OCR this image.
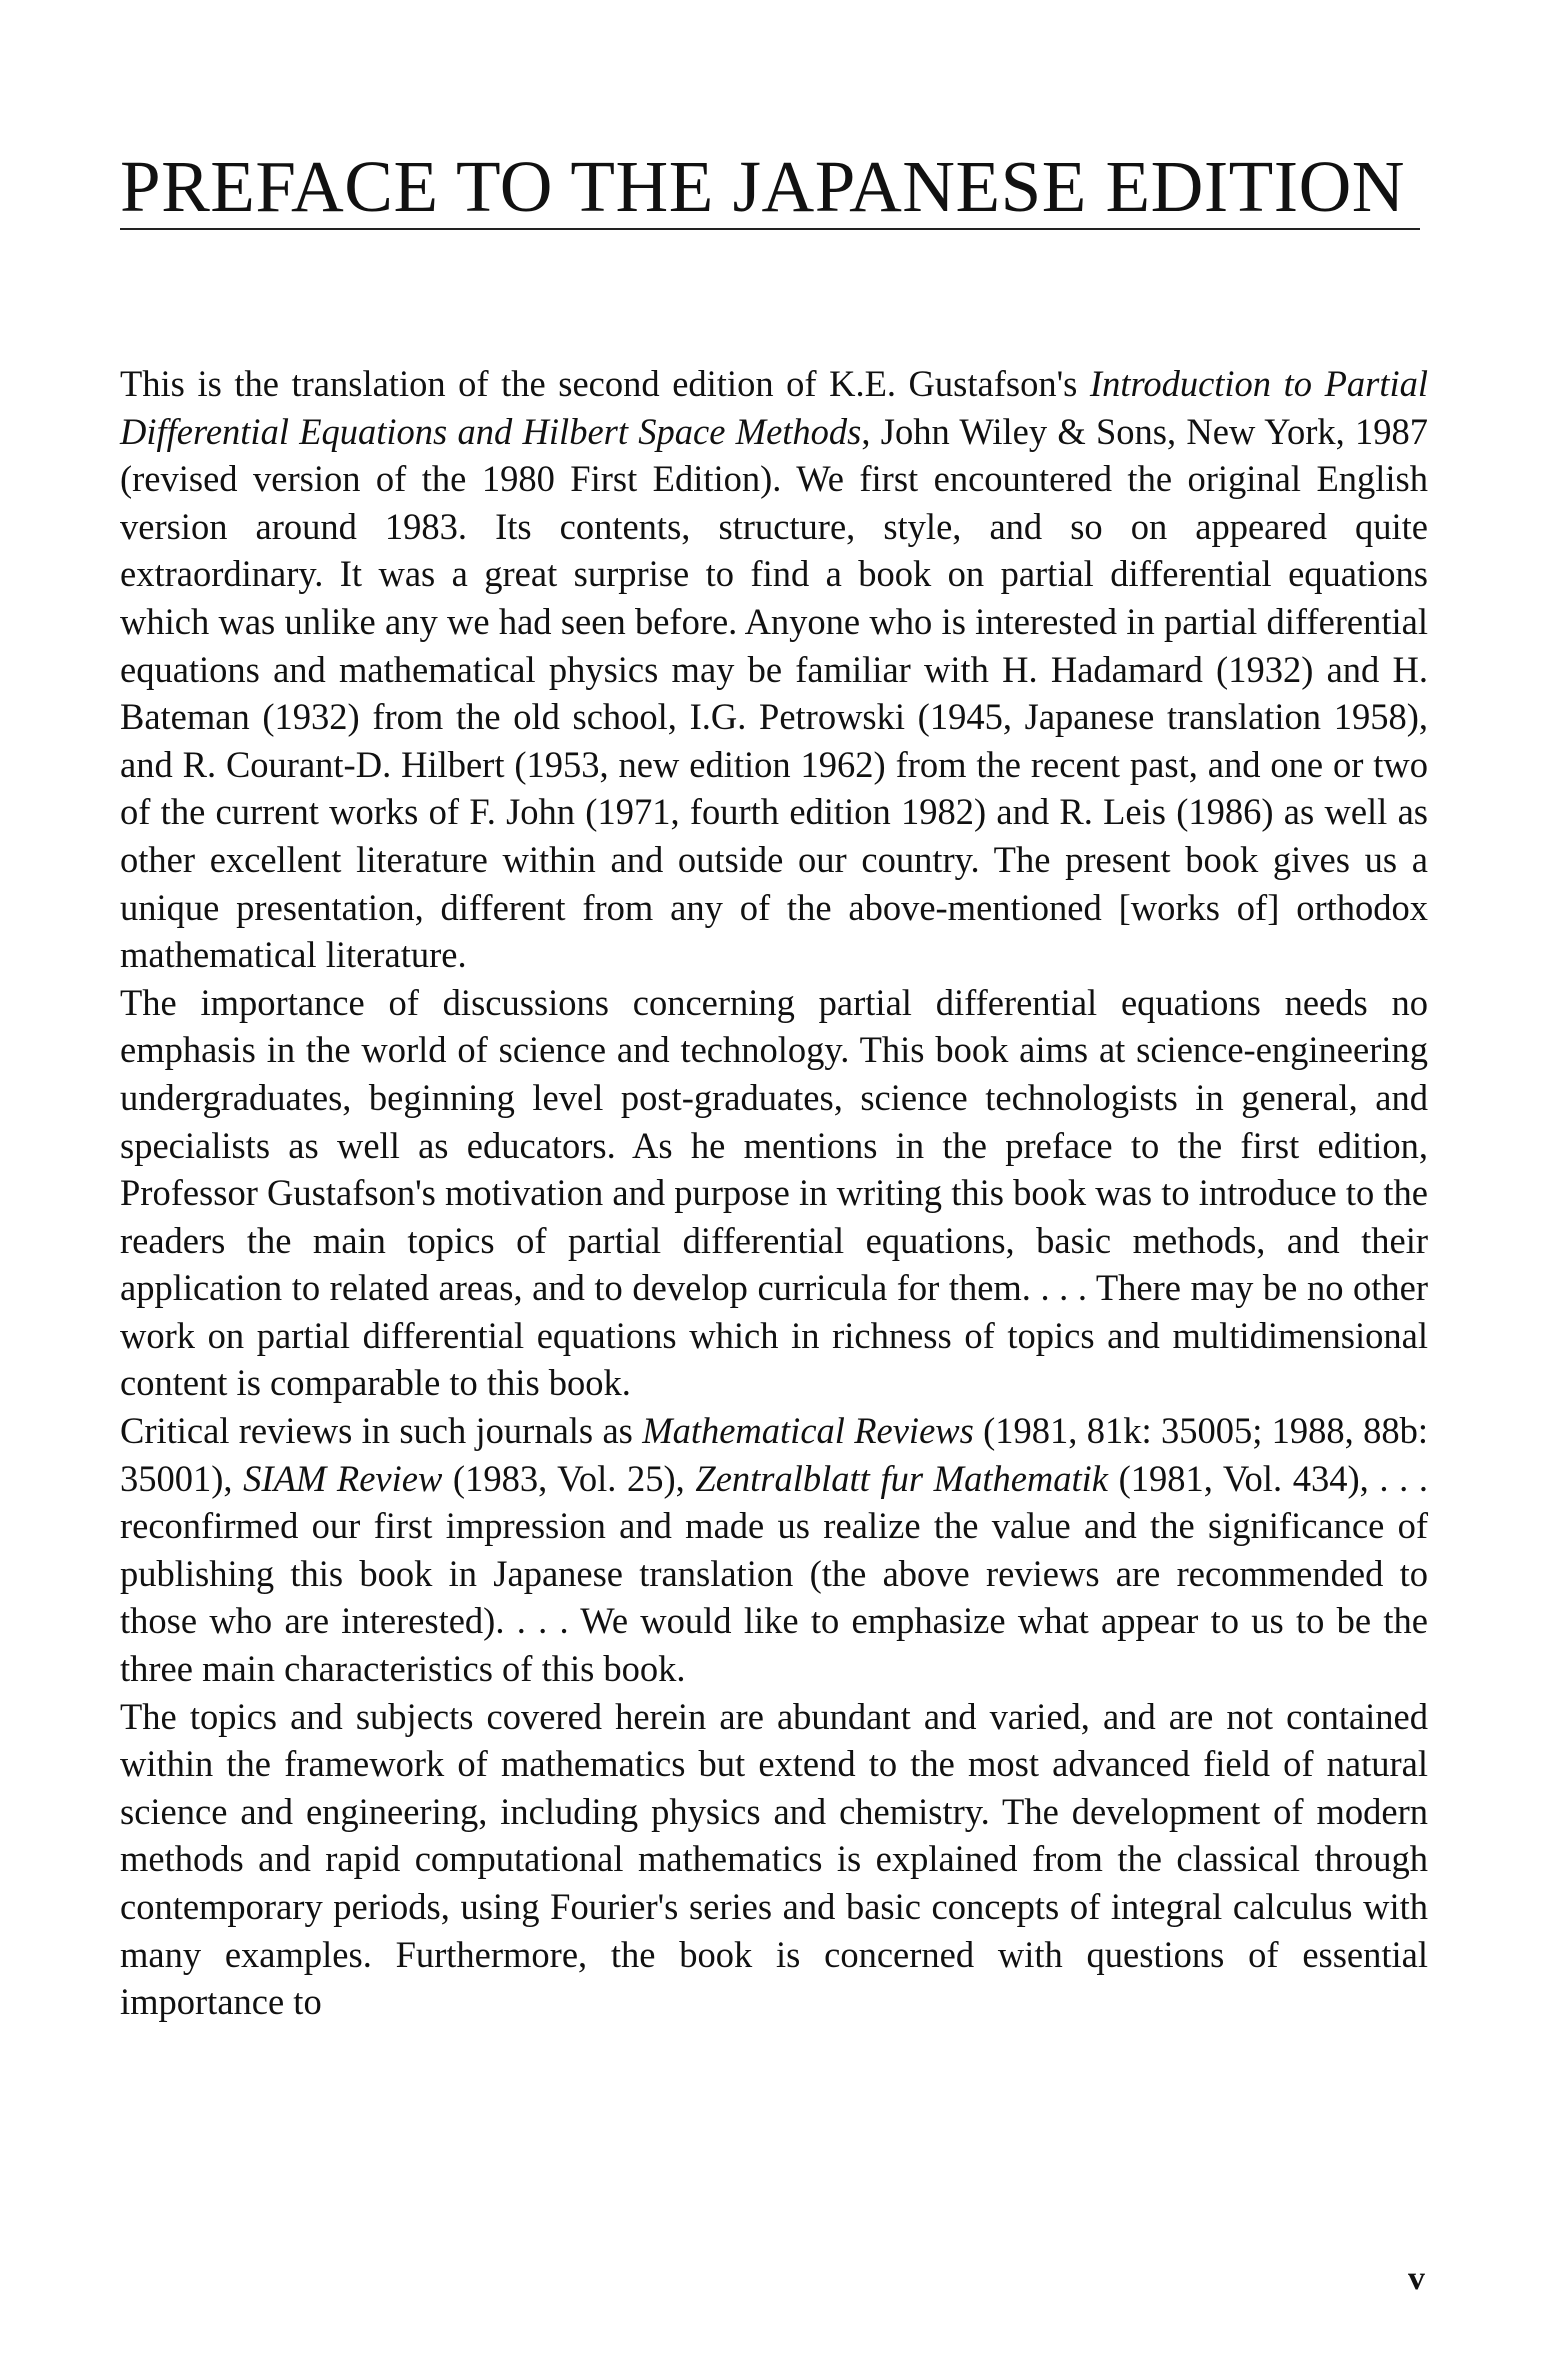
PREFACE TO THE JAPANESE EDITION

This is the translation of the second edition of K.E. Gustafson's Introduction to Partial Differential Equations and Hilbert Space Methods, John Wiley & Sons, New York, 1987 (revised version of the 1980 First Edition). We first encountered the original English version around 1983. Its contents, structure, style, and so on appeared quite extraordinary. It was a great surprise to find a book on partial differential equations which was unlike any we had seen before. Anyone who is interested in partial differential equations and mathematical physics may be familiar with H. Hadamard (1932) and H. Bateman (1932) from the old school, I.G. Petrowski (1945, Japanese translation 1958), and R. Courant-D. Hilbert (1953, new edition 1962) from the recent past, and one or two of the current works of F. John (1971, fourth edition 1982) and R. Leis (1986) as well as other excellent literature within and outside our country. The present book gives us a unique presentation, different from any of the above-mentioned [works of] orthodox mathematical literature.

The importance of discussions concerning partial differential equations needs no emphasis in the world of science and technology. This book aims at science-engineering undergraduates, beginning level post-graduates, science technologists in general, and specialists as well as educators. As he mentions in the preface to the first edition, Professor Gustafson's motivation and purpose in writing this book was to introduce to the readers the main topics of partial differential equations, basic methods, and their application to related areas, and to develop curricula for them. . . . There may be no other work on partial differential equations which in richness of topics and multidimensional content is comparable to this book.

Critical reviews in such journals as Mathematical Reviews (1981, 81k: 35005; 1988, 88b: 35001), SIAM Review (1983, Vol. 25), Zentralblatt fur Mathematik (1981, Vol. 434), . . . reconfirmed our first impression and made us realize the value and the significance of publishing this book in Japanese translation (the above reviews are recommended to those who are interested). . . . We would like to emphasize what appear to us to be the three main characteristics of this book.

The topics and subjects covered herein are abundant and varied, and are not contained within the framework of mathematics but extend to the most advanced field of natural science and engineering, including physics and chemistry. The development of modern methods and rapid computational mathematics is explained from the classical through contemporary periods, using Fourier's series and basic concepts of integral calculus with many examples. Furthermore, the book is concerned with questions of essential importance to

v
